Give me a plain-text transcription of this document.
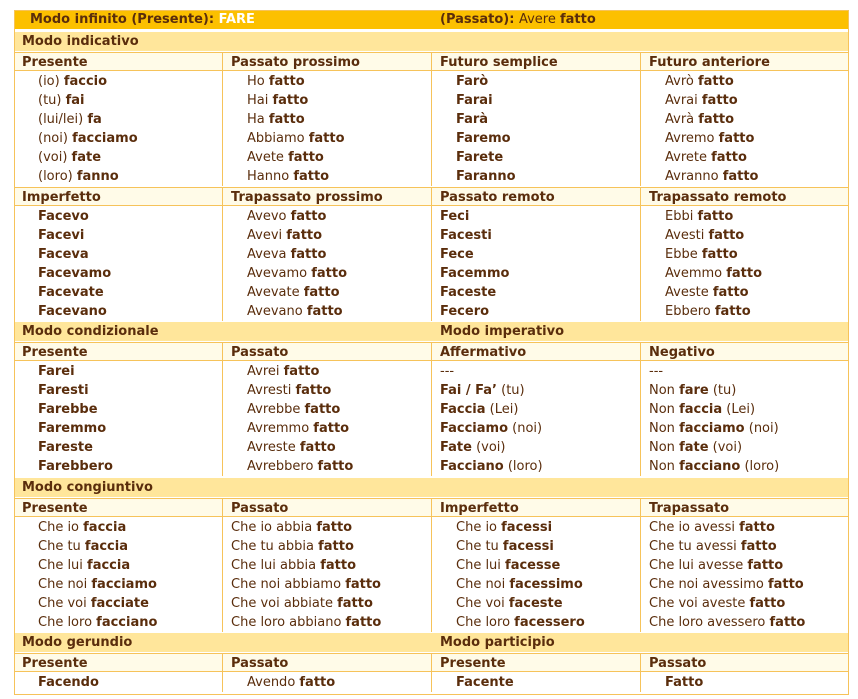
Modo infinito (Presente): FARE	(Passato): Avere fatto
Modo indicativo
Presente	Passato prossimo	Futuro semplice	Futuro anteriore
(io) faccio	Ho fatto	Farò	Avrò fatto
(tu) fai	Hai fatto	Farai	Avrai fatto
(lui/lei) fa	Ha fatto	Farà	Avrà fatto
(noi) facciamo	Abbiamo fatto	Faremo	Avremo fatto
(voi) fate	Avete fatto	Farete	Avrete fatto
(loro) fanno	Hanno fatto	Faranno	Avranno fatto
Imperfetto	Trapassato prossimo	Passato remoto	Trapassato remoto
Facevo	Avevo fatto	Feci	Ebbi fatto
Facevi	Avevi fatto	Facesti	Avesti fatto
Faceva	Aveva fatto	Fece	Ebbe fatto
Facevamo	Avevamo fatto	Facemmo	Avemmo fatto
Facevate	Avevate fatto	Faceste	Aveste fatto
Facevano	Avevano fatto	Fecero	Ebbero fatto
Modo condizionale	Modo imperativo
Presente	Passato	Affermativo	Negativo
Farei	Avrei fatto	---	---
Faresti	Avresti fatto	Fai / Fa’ (tu)	Non fare (tu)
Farebbe	Avrebbe fatto	Faccia (Lei)	Non faccia (Lei)
Faremmo	Avremmo fatto	Facciamo (noi)	Non facciamo (noi)
Fareste	Avreste fatto	Fate (voi)	Non fate (voi)
Farebbero	Avrebbero fatto	Facciano (loro)	Non facciano (loro)
Modo congiuntivo
Presente	Passato	Imperfetto	Trapassato
Che io faccia	Che io abbia fatto	Che io facessi	Che io avessi fatto
Che tu faccia	Che tu abbia fatto	Che tu facessi	Che tu avessi fatto
Che lui faccia	Che lui abbia fatto	Che lui facesse	Che lui avesse fatto
Che noi facciamo	Che noi abbiamo fatto	Che noi facessimo	Che noi avessimo fatto
Che voi facciate	Che voi abbiate fatto	Che voi faceste	Che voi aveste fatto
Che loro facciano	Che loro abbiano fatto	Che loro facessero	Che loro avessero fatto
Modo gerundio	Modo participio
Presente	Passato	Presente	Passato
Facendo	Avendo fatto	Facente	Fatto
